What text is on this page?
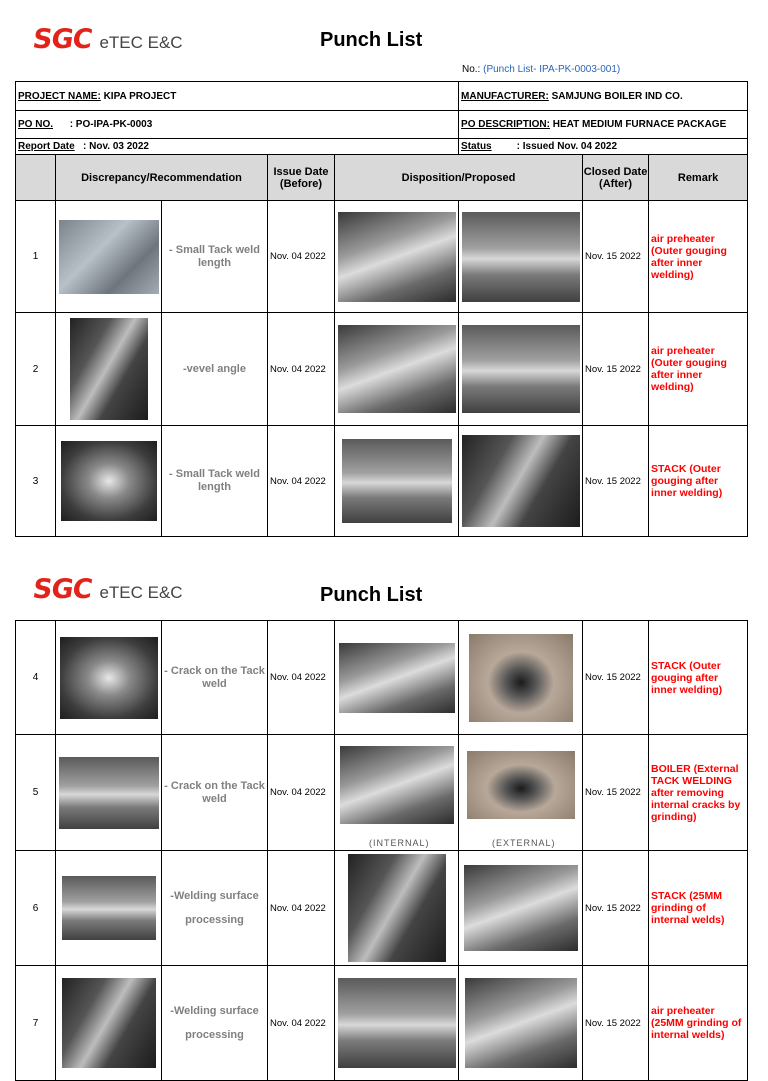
SGC eTEC E&C	Punch List
No.: (Punch List- IPA-PK-0003-001)
PROJECT NAME: KIPA PROJECT					MANUFACTURER: SAMJUNG BOILER IND CO.		
PO NO. : PO-IPA-PK-0003					PO DESCRIPTION: HEAT MEDIUM FURNACE PACKAGE		
Report Date : Nov. 03 2022					Status : Issued Nov. 04 2022		
	Discrepancy/Recommendation		Issue Date (Before)	Disposition/Proposed		Closed Date (After)	Remark
1		- Small Tack weld length	Nov. 04 2022			Nov. 15 2022	air preheater (Outer gouging after inner welding)
2		-vevel angle	Nov. 04 2022			Nov. 15 2022	air preheater (Outer gouging after inner welding)
3		- Small Tack weld length	Nov. 04 2022			Nov. 15 2022	STACK (Outer gouging after inner welding)
SGC eTEC E&C	Punch List
4		- Crack on the Tack weld	Nov. 04 2022			Nov. 15 2022	STACK (Outer gouging after inner welding)
5		- Crack on the Tack weld	Nov. 04 2022	(INTERNAL)	(EXTERNAL)	Nov. 15 2022	BOILER (External TACK WELDING after removing internal cracks by grinding)
6		-Welding surface processing	Nov. 04 2022			Nov. 15 2022	STACK (25MM grinding of internal welds)
7		-Welding surface processing	Nov. 04 2022			Nov. 15 2022	air preheater (25MM grinding of internal welds)
